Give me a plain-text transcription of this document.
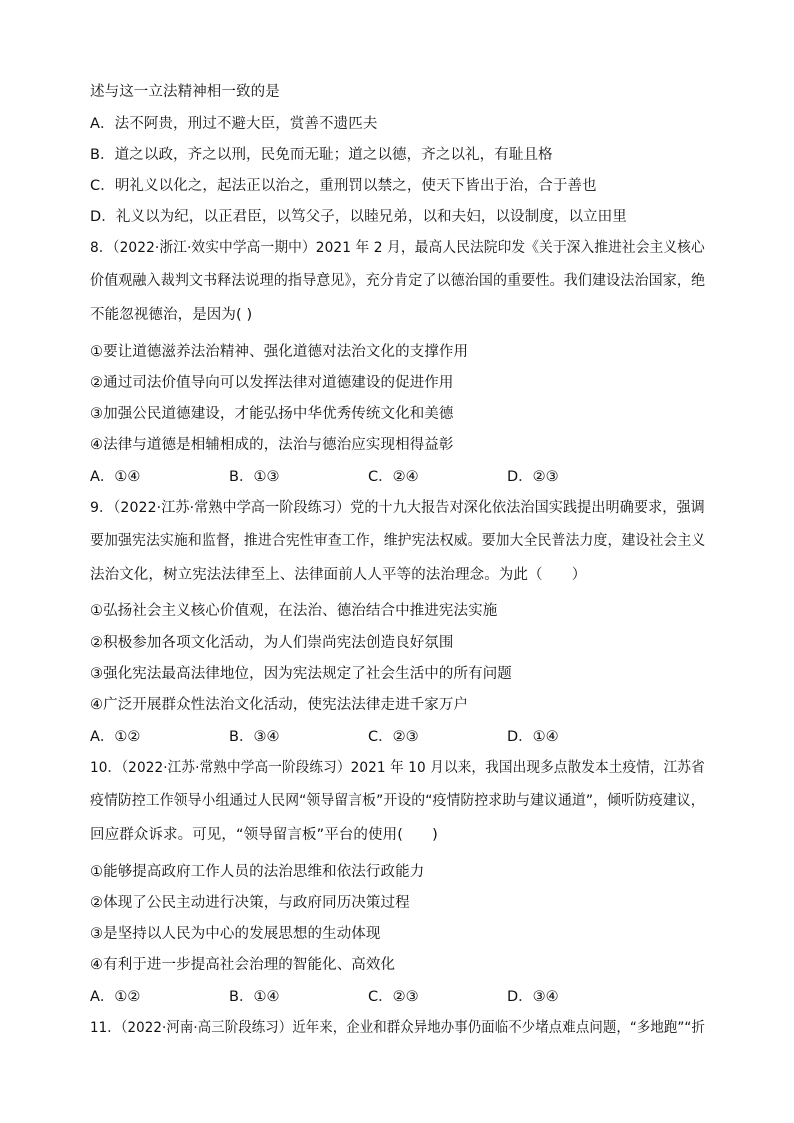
述与这一立法精神相一致的是
A．法不阿贵，刑过不避大臣，赏善不遗匹夫
B．道之以政，齐之以刑，民免而无耻；道之以德，齐之以礼，有耻且格
C．明礼义以化之，起法正以治之，重刑罚以禁之，使天下皆出于治，合于善也
D．礼义以为纪，以正君臣，以笃父子，以睦兄弟，以和夫妇，以设制度，以立田里
8．（2022·浙江·效实中学高一期中）2021 年 2 月，最高人民法院印发《关于深入推进社会主义核心
价值观融入裁判文书释法说理的指导意见》，充分肯定了以德治国的重要性。我们建设法治国家，绝
不能忽视德治，是因为( )
①要让道德滋养法治精神、强化道德对法治文化的支撑作用
②通过司法价值导向可以发挥法律对道德建设的促进作用
③加强公民道德建设，才能弘扬中华优秀传统文化和美德
④法律与道德是相辅相成的，法治与德治应实现相得益彰
A．①④	B．①③	C．②④	D．②③
9．（2022·江苏·常熟中学高一阶段练习）党的十九大报告对深化依法治国实践提出明确要求，强调
要加强宪法实施和监督，推进合宪性审查工作，维护宪法权威。要加大全民普法力度，建设社会主义
法治文化，树立宪法法律至上、法律面前人人平等的法治理念。为此（　　）
①弘扬社会主义核心价值观，在法治、德治结合中推进宪法实施
②积极参加各项文化活动，为人们崇尚宪法创造良好氛围
③强化宪法最高法律地位，因为宪法规定了社会生活中的所有问题
④广泛开展群众性法治文化活动，使宪法法律走进千家万户
A．①②	B．③④	C．②③	D．①④
10．（2022·江苏·常熟中学高一阶段练习）2021 年 10 月以来，我国出现多点散发本土疫情，江苏省
疫情防控工作领导小组通过人民网“领导留言板”开设的“疫情防控求助与建议通道”，倾听防疫建议，
回应群众诉求。可见，“领导留言板”平台的使用(　　)
①能够提高政府工作人员的法治思维和依法行政能力
②体现了公民主动进行决策，与政府同历决策过程
③是坚持以人民为中心的发展思想的生动体现
④有利于进一步提高社会治理的智能化、高效化
A．①②	B．①④	C．②③	D．③④
11．（2022·河南·高三阶段练习）近年来，企业和群众异地办事仍面临不少堵点难点问题，“多地跑”“折
